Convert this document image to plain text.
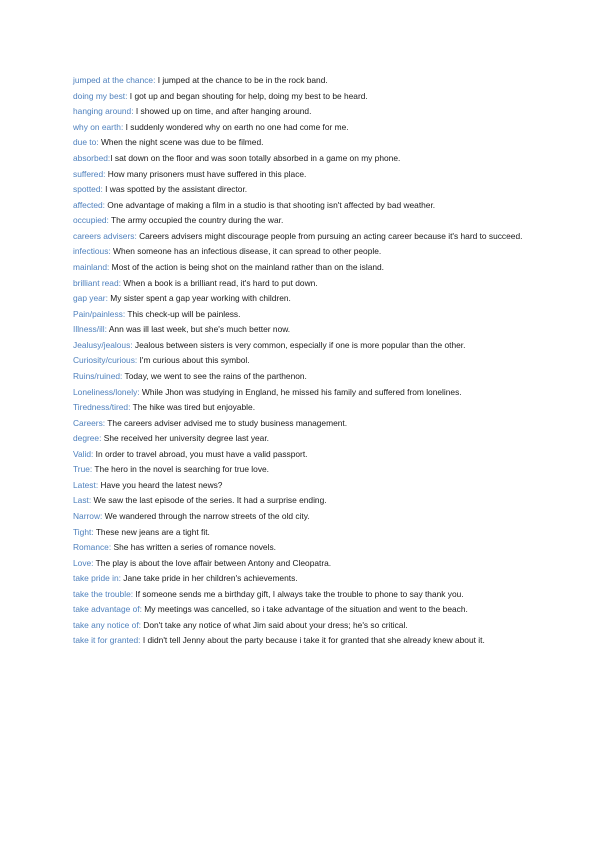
jumped at the chance: I jumped at the chance to be in the rock band.

doing my best: I got up and began shouting for help, doing my best to be heard.

hanging around: I showed up on time, and after hanging around.

why on earth: I suddenly wondered why on earth no one had come for me.

due to: When the night scene was due to be filmed.

absorbed:I sat down on the floor and was soon totally absorbed in a game on my phone.

suffered: How many prisoners must have suffered in this place.

spotted: I was spotted by the assistant director.

affected: One advantage of making a film in a studio is that shooting isn't affected by bad weather.

occupied: The army occupied the country during the war.

careers advisers: Careers advisers might discourage people from pursuing an acting career because it's hard to succeed.

infectious: When someone has an infectious disease, it can spread to other people.

mainland: Most of the action is being shot on the mainland rather than on the island.

brilliant read: When a book is a brilliant read, it's hard to put down.

gap year: My sister spent a gap year working with children.

Pain/painless: This check-up will be painless.

Illness/ill: Ann was ill last week, but she's much better now.

Jealusy/jealous: Jealous between sisters is very common, especially if one is more popular than the other.

Curiosity/curious: I'm curious about this symbol.

Ruins/ruined: Today, we went to see the rains of the parthenon.

Loneliness/lonely: While Jhon was studying in England, he missed his family and suffered from lonelines.

Tiredness/tired: The hike was tired but enjoyable.

Careers: The careers adviser advised me to study business management.

degree: She received her university degree last year.

Valid: In order to travel abroad, you must have a valid passport.

True: The hero in the novel is searching for true love.

Latest: Have you heard the latest news?

Last: We saw the last episode of the series. It had a surprise ending.

Narrow: We wandered through the narrow streets of the old city.

Tight: These new jeans are a tight fit.

Romance: She has written a series of romance novels.

Love: The play is about the love affair between Antony and Cleopatra.

take pride in: Jane take pride in her children's achievements.

take the trouble: If someone sends me a birthday gift, I always take the trouble to phone to say thank you.

take advantage of: My meetings was cancelled, so i take advantage of the situation and went to the beach.

take any notice of: Don't take any notice of what Jim said about your dress; he's so critical.

take it for granted: I didn't tell Jenny about the party because i take it for granted that she already knew about it.
